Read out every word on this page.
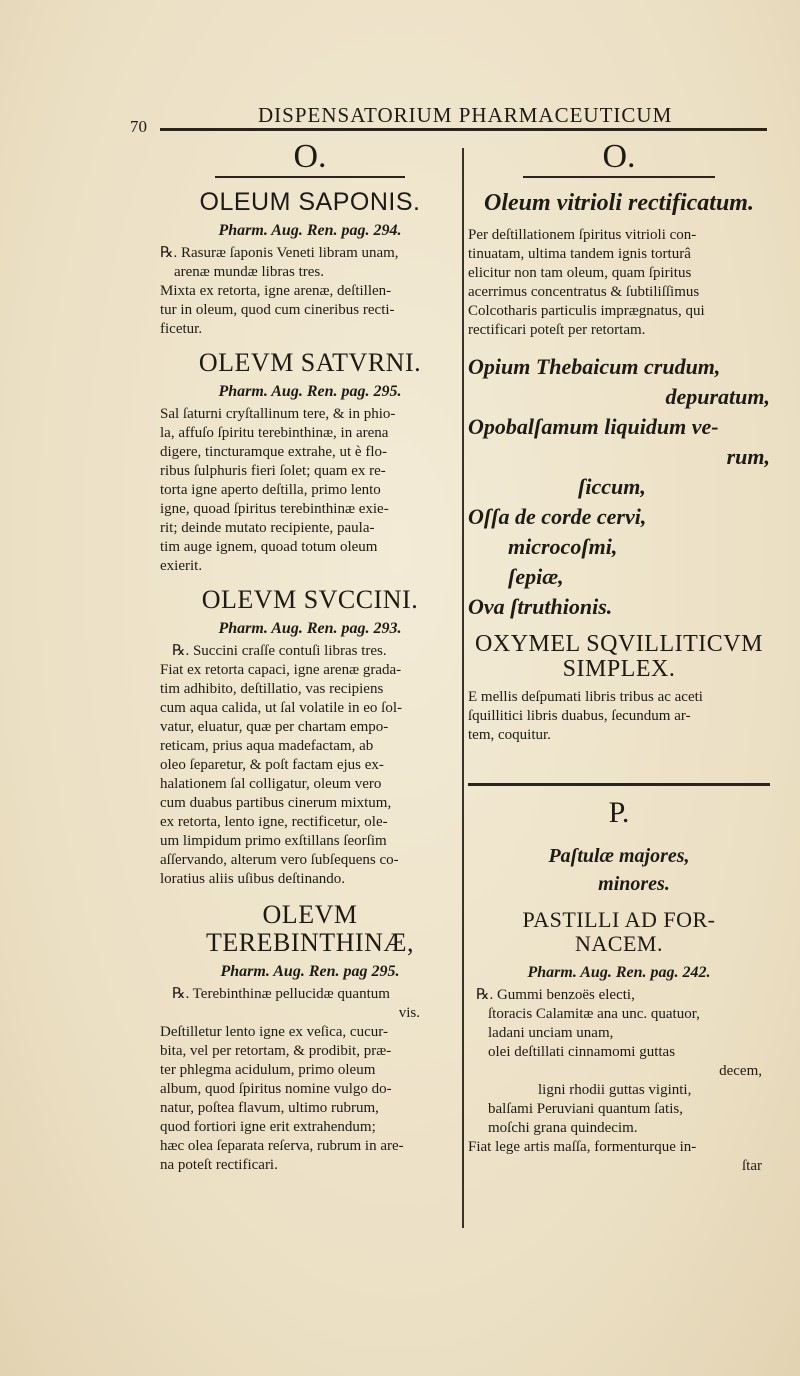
70	DISPENSATORIUM PHARMACEUTICUM

O.

OLEUM SAPONIS.
Pharm. Aug. Ren. pag. 294.

℞. Rasuræ ſaponis Veneti libram unam,
arenæ mundæ libras tres.
Mixta ex retorta, igne arenæ, deſtillen-
tur in oleum, quod cum cineribus recti-
ficetur.

OLEVM SATVRNI.
Pharm. Aug. Ren. pag. 295.

Sal ſaturni cryſtallinum tere, & in phio-
la, affuſo ſpiritu terebinthinæ, in arena
digere, tincturamque extrahe, ut è flo-
ribus ſulphuris fieri ſolet; quam ex re-
torta igne aperto deſtilla, primo lento
igne, quoad ſpiritus terebinthinæ exie-
rit; deinde mutato recipiente, paula-
tim auge ignem, quoad totum oleum
exierit.

OLEVM SVCCINI.
Pharm. Aug. Ren. pag. 293.

℞. Succini craſſe contuſi libras tres.
Fiat ex retorta capaci, igne arenæ grada-
tim adhibito, deſtillatio, vas recipiens
cum aqua calida, ut ſal volatile in eo ſol-
vatur, eluatur, quæ per chartam empo-
reticam, prius aqua madefactam, ab
oleo ſeparetur, & poſt factam ejus ex-
halationem ſal colligatur, oleum vero
cum duabus partibus cinerum mixtum,
ex retorta, lento igne, rectificetur, ole-
um limpidum primo exſtillans ſeorſim
aſſervando, alterum vero ſubſequens co-
loratius aliis uſibus deſtinando.

OLEVM TEREBINTHINÆ,
Pharm. Aug. Ren. pag 295.

℞. Terebinthinæ pellucidæ quantum
vis.
Deſtilletur lento igne ex veſica, cucur-
bita, vel per retortam, & prodibit, præ-
ter phlegma acidulum, primo oleum
album, quod ſpiritus nomine vulgo do-
natur, poſtea flavum, ultimo rubrum,
quod fortiori igne erit extrahendum;
hæc olea ſeparata reſerva, rubrum in are-
na poteſt rectificari.

O.

Oleum vitrioli rectificatum.

Per deſtillationem ſpiritus vitrioli con-
tinuatam, ultima tandem ignis torturâ
elicitur non tam oleum, quam ſpiritus
acerrimus concentratus & ſubtiliſſimus
Colcotharis particulis imprægnatus, qui
rectificari poteſt per retortam.

Opium Thebaicum crudum,
depuratum,
Opobalſamum liquidum ve-
rum,
ſiccum,
Oſſa de corde cervi,
microcoſmi,
ſepiæ,
Ova ſtruthionis.
OXYMEL SQVILLITICVM
SIMPLEX.

E mellis deſpumati libris tribus ac aceti
ſquillitici libris duabus, ſecundum ar-
tem, coquitur.

P.

Paſtulæ majores,

minores.

PASTILLI AD FOR-
NACEM.
Pharm. Aug. Ren. pag. 242.

℞. Gummi benzoës electi,
ſtoracis Calamitæ ana unc. quatuor,
ladani unciam unam,
olei deſtillati cinnamomi guttas
decem,
ligni rhodii guttas viginti,
balſami Peruviani quantum ſatis,
moſchi grana quindecim.
Fiat lege artis maſſa, formenturque in-
ſtar
